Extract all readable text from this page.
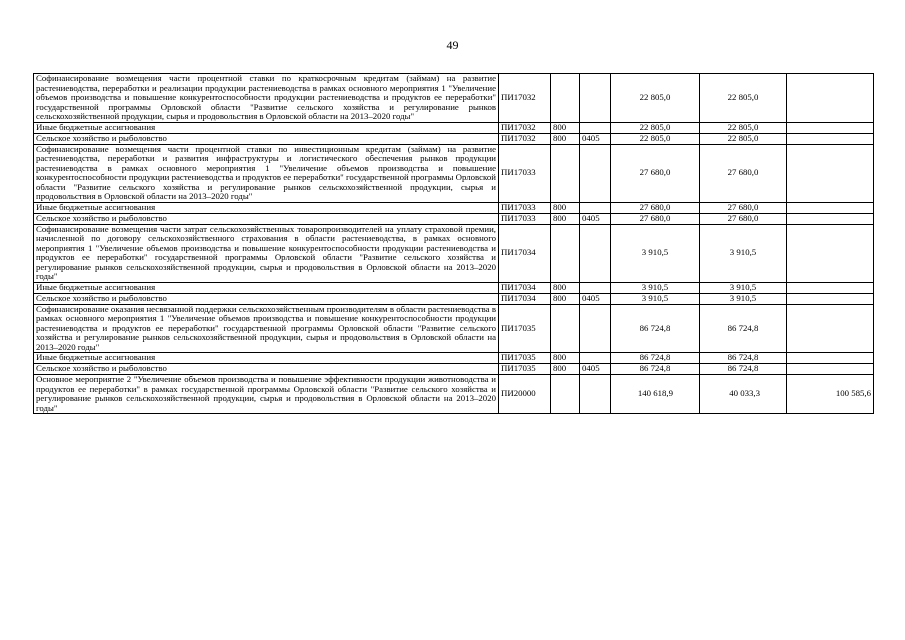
49
Софинансирование возмещения части процентной ставки по краткосрочным кредитам (займам) на развитие растениеводства, переработки и реализации продукции растениеводства в рамках основного мероприятия 1 "Увеличение объемов производства и повышение конкурентоспособности продукции растениеводства и продуктов ее переработки" государственной программы Орловской области "Развитие сельского хозяйства и регулирование рынков сельскохозяйственной продукции, сырья и продовольствия в Орловской области на 2013–2020 годы"	ПИ17032			22 805,0	22 805,0	
Иные бюджетные ассигнования	ПИ17032	800		22 805,0	22 805,0	
Сельское хозяйство и рыболовство	ПИ17032	800	0405	22 805,0	22 805,0	
Софинансирование возмещения части процентной ставки по инвестиционным кредитам (займам) на развитие растениеводства, переработки и развития инфраструктуры и логистического обеспечения рынков продукции растениеводства в рамках основного мероприятия 1 "Увеличение объемов производства и повышение конкурентоспособности продукции растениеводства и продуктов ее переработки" государственной программы Орловской области "Развитие сельского хозяйства и регулирование рынков сельскохозяйственной продукции, сырья и продовольствия в Орловской области на 2013–2020 годы"	ПИ17033			27 680,0	27 680,0	
Иные бюджетные ассигнования	ПИ17033	800		27 680,0	27 680,0	
Сельское хозяйство и рыболовство	ПИ17033	800	0405	27 680,0	27 680,0	
Софинансирование возмещения части затрат сельскохозяйственных товаропроизводителей на уплату страховой премии, начисленной по договору сельскохозяйственного страхования в области растениеводства, в рамках основного мероприятия 1 "Увеличение объемов производства и повышение конкурентоспособности продукции растениеводства и продуктов ее переработки" государственной программы Орловской области "Развитие сельского хозяйства и регулирование рынков сельскохозяйственной продукции, сырья и продовольствия в Орловской области на 2013–2020 годы"	ПИ17034			3 910,5	3 910,5	
Иные бюджетные ассигнования	ПИ17034	800		3 910,5	3 910,5	
Сельское хозяйство и рыболовство	ПИ17034	800	0405	3 910,5	3 910,5	
Софинансирование оказания несвязанной поддержки сельскохозяйственным производителям в области растениеводства в рамках основного мероприятия 1 "Увеличение объемов производства и повышение конкурентоспособности продукции растениеводства и продуктов ее переработки" государственной программы Орловской области "Развитие сельского хозяйства и регулирование рынков сельскохозяйственной продукции, сырья и продовольствия в Орловской области на 2013–2020 годы"	ПИ17035			86 724,8	86 724,8	
Иные бюджетные ассигнования	ПИ17035	800		86 724,8	86 724,8	
Сельское хозяйство и рыболовство	ПИ17035	800	0405	86 724,8	86 724,8	
Основное мероприятие 2 "Увеличение объемов производства и повышение эффективности продукции животноводства и продуктов ее переработки" в рамках государственной программы Орловской области "Развитие сельского хозяйства и регулирование рынков сельскохозяйственной продукции, сырья и продовольствия в Орловской области на 2013–2020 годы"	ПИ20000			140 618,9	40 033,3	100 585,6
